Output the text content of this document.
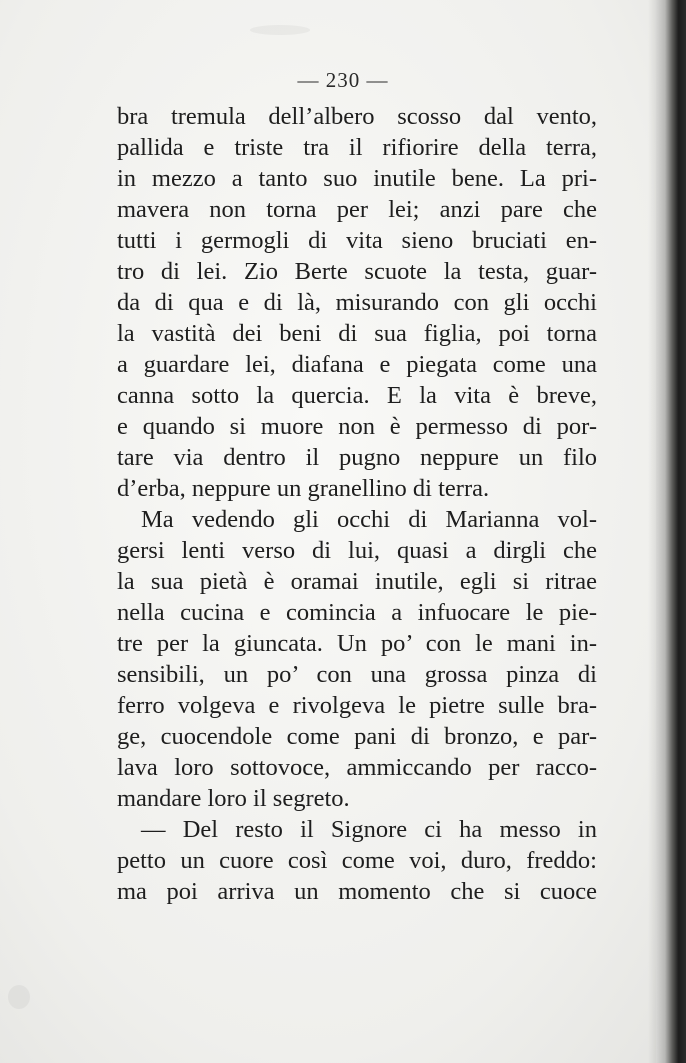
— 230 —
bra tremula dell’albero scosso dal vento,
pallida e triste tra il rifiorire della terra,
in mezzo a tanto suo inutile bene. La pri-
mavera non torna per lei; anzi pare che
tutti i germogli di vita sieno bruciati en-
tro di lei. Zio Berte scuote la testa, guar-
da di qua e di là, misurando con gli occhi
la vastità dei beni di sua figlia, poi torna
a guardare lei, diafana e piegata come una
canna sotto la quercia. E la vita è breve,
e quando si muore non è permesso di por-
tare via dentro il pugno neppure un filo
d’erba, neppure un granellino di terra.
Ma vedendo gli occhi di Marianna vol-
gersi lenti verso di lui, quasi a dirgli che
la sua pietà è oramai inutile, egli si ritrae
nella cucina e comincia a infuocare le pie-
tre per la giuncata. Un po’ con le mani in-
sensibili, un po’ con una grossa pinza di
ferro volgeva e rivolgeva le pietre sulle bra-
ge, cuocendole come pani di bronzo, e par-
lava loro sottovoce, ammiccando per racco-
mandare loro il segreto.
— Del resto il Signore ci ha messo in
petto un cuore così come voi, duro, freddo:
ma poi arriva un momento che si cuoce
